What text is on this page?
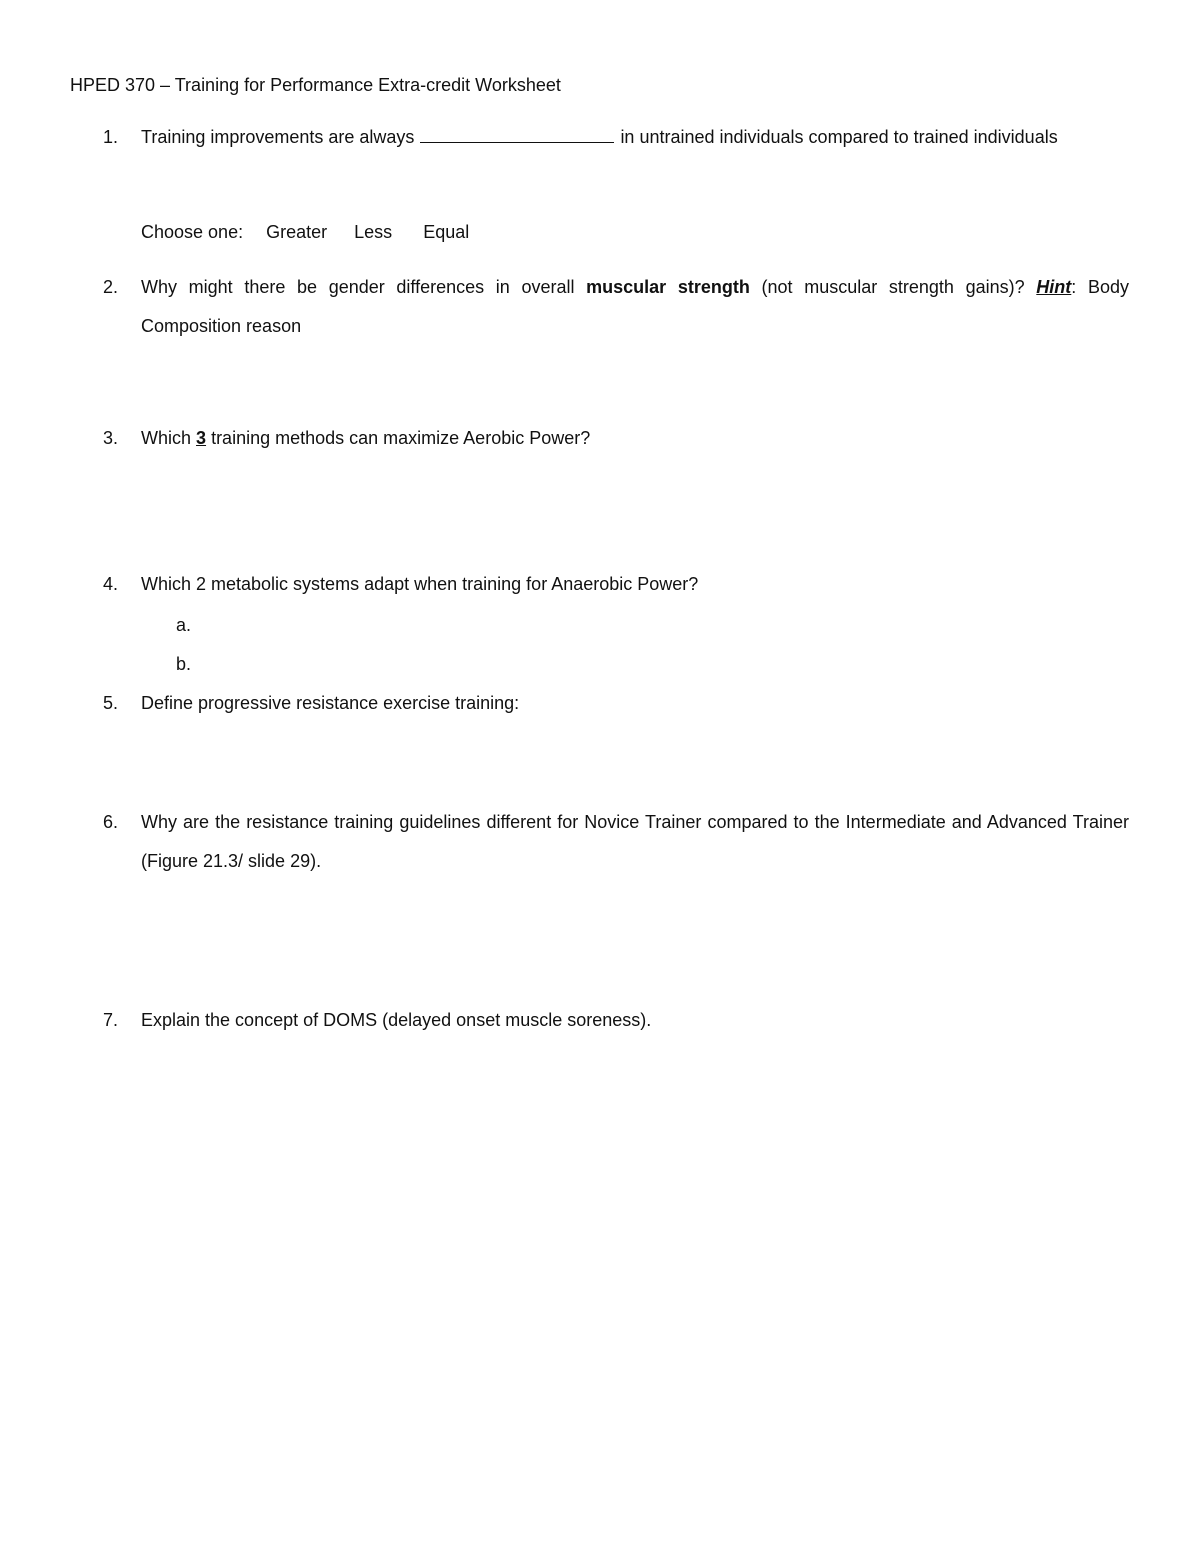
HPED 370 – Training for Performance Extra-credit Worksheet
1.	Training improvements are always	in untrained individuals compared to trained individuals
Choose one: Greater Less Equal
2.	Why might there be gender differences in overall muscular strength (not muscular strength gains)? Hint: Body Composition reason
3.	Which 3 training methods can maximize Aerobic Power?
4.	Which 2 metabolic systems adapt when training for Anaerobic Power?
a.
b.
5.	Define progressive resistance exercise training:
6.	Why are the resistance training guidelines different for Novice Trainer compared to the Intermediate and Advanced Trainer (Figure 21.3/ slide 29).
7.	Explain the concept of DOMS (delayed onset muscle soreness).
